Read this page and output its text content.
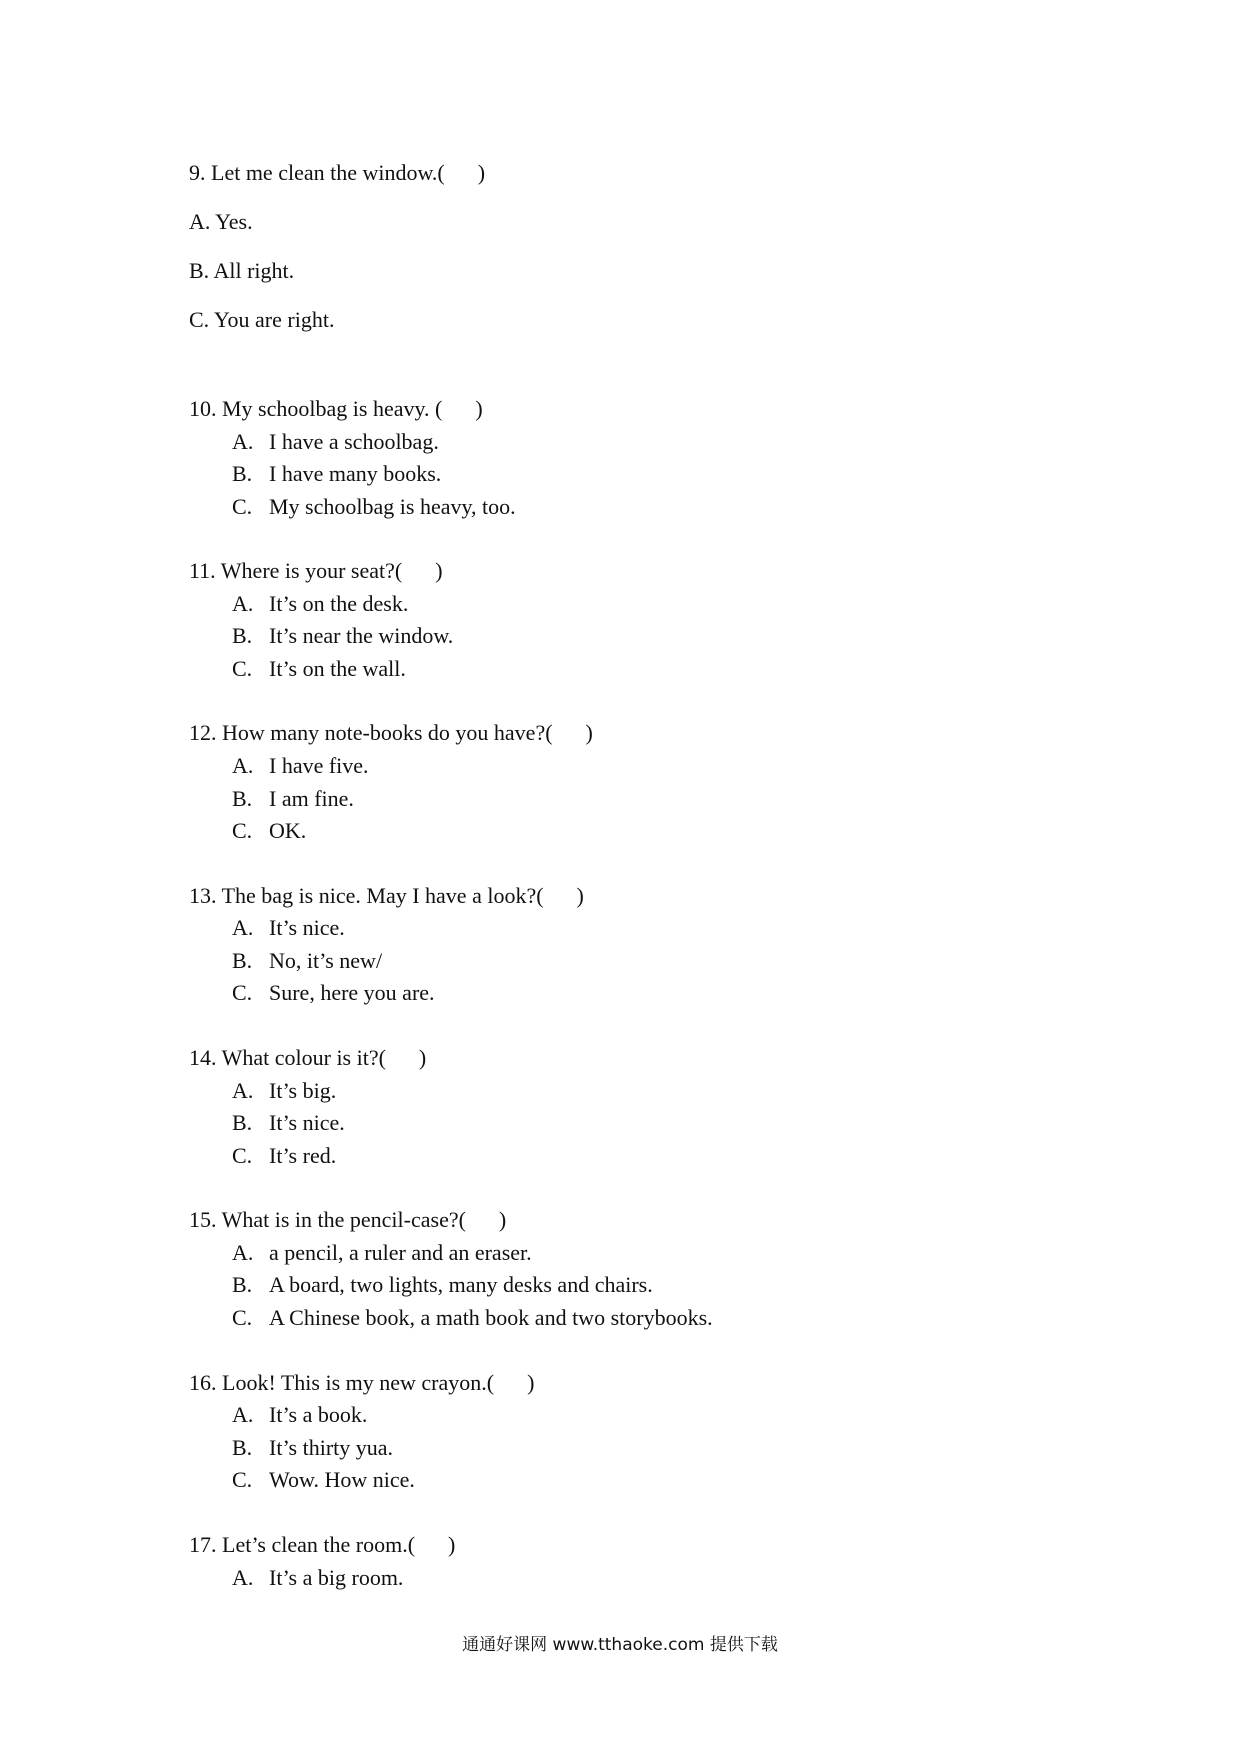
9. Let me clean the window.(      )
A. Yes.
B. All right.
C. You are right.
10. My schoolbag is heavy. (      )
A. I have a schoolbag.
B. I have many books.
C. My schoolbag is heavy, too.
11. Where is your seat?(      )
A. It’s on the desk.
B. It’s near the window.
C. It’s on the wall.
12. How many note-books do you have?(      )
A. I have five.
B. I am fine.
C. OK.
13. The bag is nice. May I have a look?(      )
A. It’s nice.
B. No, it’s new/
C. Sure, here you are.
14. What colour is it?(      )
A. It’s big.
B. It’s nice.
C. It’s red.
15. What is in the pencil-case?(      )
A. a pencil, a ruler and an eraser.
B. A board, two lights, many desks and chairs.
C. A Chinese book, a math book and two storybooks.
16. Look! This is my new crayon.(      )
A. It’s a book.
B. It’s thirty yua.
C. Wow. How nice.
17. Let’s clean the room.(      )
A. It’s a big room.
通通好课网 www.tthaoke.com 提供下载
